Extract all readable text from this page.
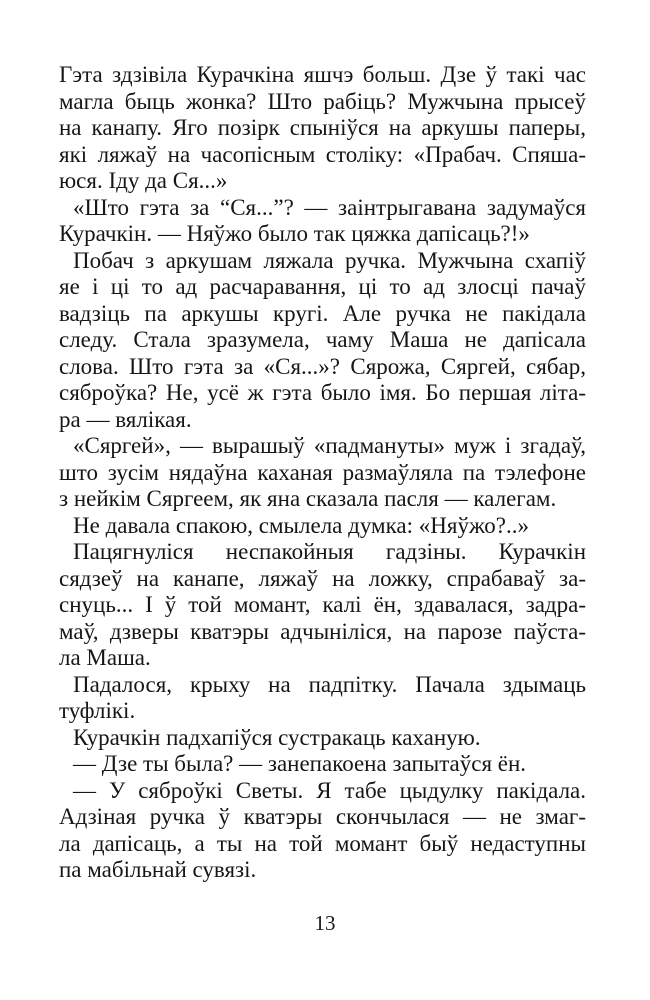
Гэта здзівіла Курачкіна яшчэ больш. Дзе ў такі час
магла быць жонка? Што рабіць? Мужчына прысеў
на канапу. Яго позірк спыніўся на аркушы паперы,
які ляжаў на часопісным століку: «Прабач. Спяша-
юся. Іду да Ся...»

«Што гэта за “Ся...”? — заінтрыгавана задумаўся
Курачкін. — Няўжо было так цяжка дапісаць?!»

Побач з аркушам ляжала ручка. Мужчына схапіў
яе і ці то ад расчаравання, ці то ад злосці пачаў
вадзіць па аркушы кругі. Але ручка не пакідала
следу. Стала зразумела, чаму Маша не дапісала
слова. Што гэта за «Ся...»? Сярожа, Сяргей, сябар,
сяброўка? Не, усё ж гэта было імя. Бо першая літа-
ра — вялікая.

«Сяргей», — вырашыў «падмануты» муж і згадаў,
што зусім нядаўна каханая размаўляла па тэлефоне
з нейкім Сяргеем, як яна сказала пасля — калегам.

Не давала спакою, смылела думка: «Няўжо?..»

Пацягнуліся неспакойныя гадзіны. Курачкін
сядзеў на канапе, ляжаў на ложку, спрабаваў за-
снуць... І ў той момант, калі ён, здавалася, задра-
маў, дзверы кватэры адчыніліся, на парозе паўста-
ла Маша.

Падалося, крыху на падпітку. Пачала здымаць
туфлікі.

Курачкін падхапіўся сустракаць каханую.

— Дзе ты была? — занепакоена запытаўся ён.

— У сяброўкі Светы. Я табе цыдулку пакідала.
Адзіная ручка ў кватэры скончылася — не змаг-
ла дапісаць, а ты на той момант быў недаступны
па мабільнай сувязі.

13
